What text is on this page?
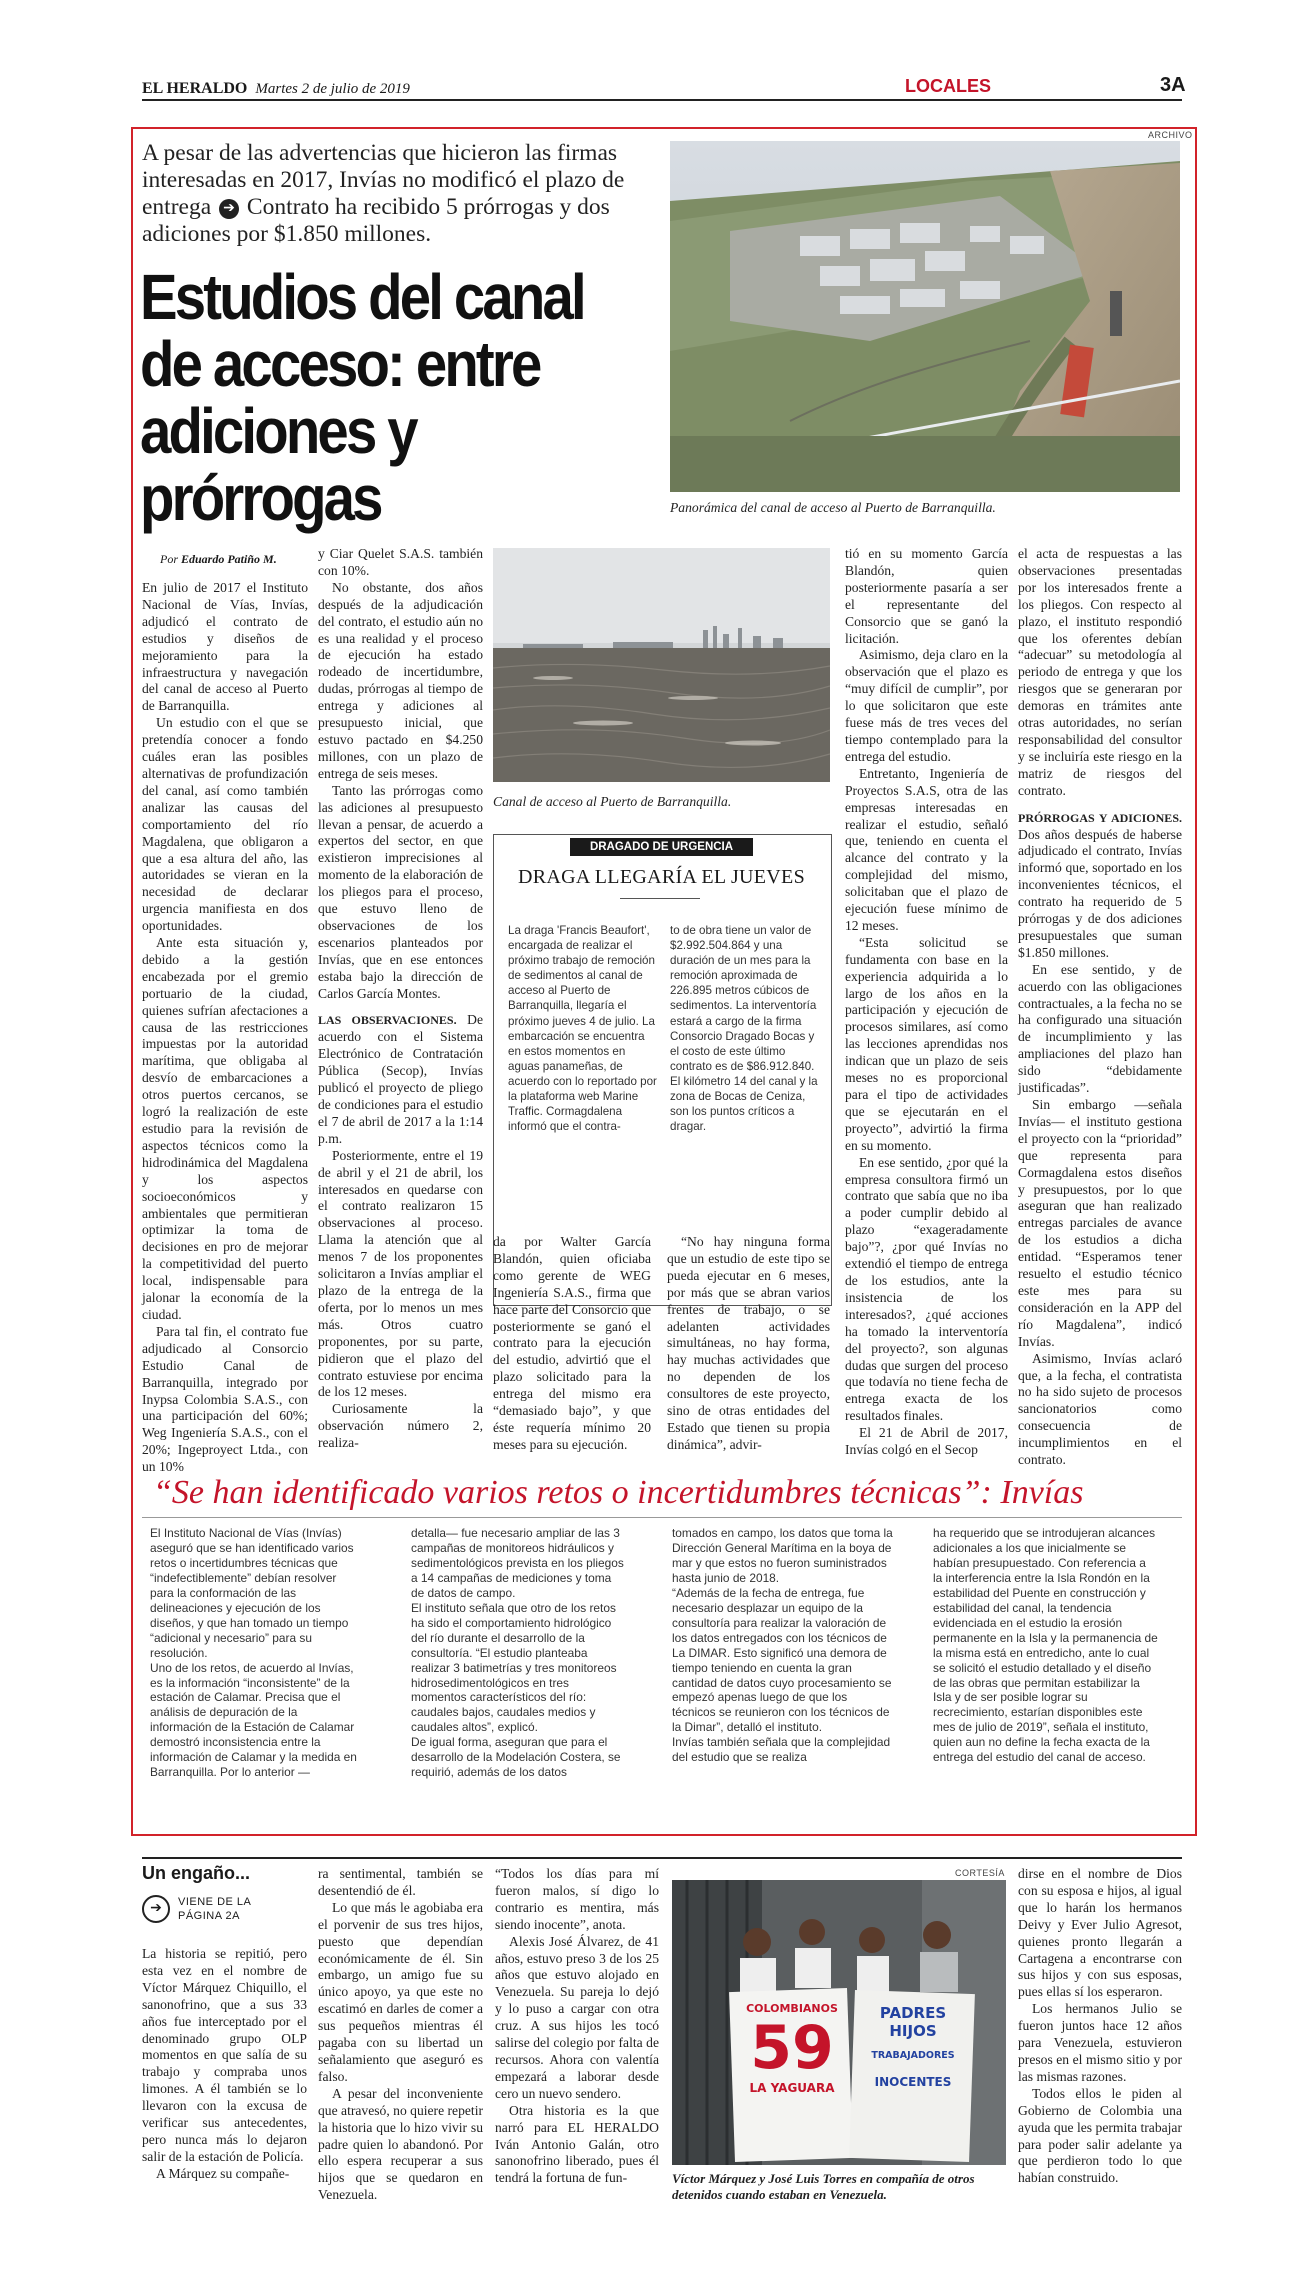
EL HERALDO Martes 2 de julio de 2019	LOCALES	3A
A pesar de las advertencias que hicieron las firmas interesadas en 2017, Invías no modificó el plazo de entrega ➔ Contrato ha recibido 5 prórrogas y dos adiciones por $1.850 millones.
Estudios del canal
de acceso: entre
adiciones y prórrogas
ARCHIVO
Panorámica del canal de acceso al Puerto de Barranquilla.
Por Eduardo Patiño M.

En julio de 2017 el Instituto Nacional de Vías, Invías, adjudicó el contrato de estudios y diseños de mejoramiento para la infraestructura y navegación del canal de acceso al Puerto de Barranquilla.

Un estudio con el que se pretendía conocer a fondo cuáles eran las posibles alternativas de profundización del canal, así como también analizar las causas del comportamiento del río Magdalena, que obligaron a que a esa altura del año, las autoridades se vieran en la necesidad de declarar urgencia manifiesta en dos oportunidades.

Ante esta situación y, debido a la gestión encabezada por el gremio portuario de la ciudad, quienes sufrían afectaciones a causa de las restricciones impuestas por la autoridad marítima, que obligaba al desvío de embarcaciones a otros puertos cercanos, se logró la realización de este estudio para la revisión de aspectos técnicos como la hidrodinámica del Magdalena y los aspectos socioeconómicos y ambientales que permitieran optimizar la toma de decisiones en pro de mejorar la competitividad del puerto local, indispensable para jalonar la economía de la ciudad.

Para tal fin, el contrato fue adjudicado al Consorcio Estudio Canal de Barranquilla, integrado por Inypsa Colombia S.A.S., con una participación del 60%; Weg Ingeniería S.A.S., con el 20%; Ingeproyect Ltda., con un 10%

y Ciar Quelet S.A.S. también con 10%.

No obstante, dos años después de la adjudicación del contrato, el estudio aún no es una realidad y el proceso de ejecución ha estado rodeado de incertidumbre, dudas, prórrogas al tiempo de entrega y adiciones al presupuesto inicial, que estuvo pactado en $4.250 millones, con un plazo de entrega de seis meses.

Tanto las prórrogas como las adiciones al presupuesto llevan a pensar, de acuerdo a expertos del sector, en que existieron imprecisiones al momento de la elaboración de los pliegos para el proceso, que estuvo lleno de observaciones de los escenarios planteados por Invías, que en ese entonces estaba bajo la dirección de Carlos García Montes.

LAS OBSERVACIONES. De acuerdo con el Sistema Electrónico de Contratación Pública (Secop), Invías publicó el proyecto de pliego de condiciones para el estudio el 7 de abril de 2017 a la 1:14 p.m.

Posteriormente, entre el 19 de abril y el 21 de abril, los interesados en quedarse con el contrato realizaron 15 observaciones al proceso. Llama la atención que al menos 7 de los proponentes solicitaron a Invías ampliar el plazo de la entrega de la oferta, por lo menos un mes más. Otros cuatro proponentes, por su parte, pidieron que el plazo del contrato estuviese por encima de los 12 meses.

Curiosamente la observación número 2, realiza-

Canal de acceso al Puerto de Barranquilla.
DRAGADO DE URGENCIA
DRAGA LLEGARÍA EL JUEVES
La draga 'Francis Beaufort', encargada de realizar el próximo trabajo de remoción de sedimentos al canal de acceso al Puerto de Barranquilla, llegaría el próximo jueves 4 de julio. La embarcación se encuentra en estos momentos en aguas panameñas, de acuerdo con lo reportado por la plataforma web Marine Traffic. Cormagdalena informó que el contra-
to de obra tiene un valor de $2.992.504.864 y una duración de un mes para la remoción aproximada de 226.895 metros cúbicos de sedimentos. La interventoría estará a cargo de la firma Consorcio Dragado Bocas y el costo de este último contrato es de $86.912.840. El kilómetro 14 del canal y la zona de Bocas de Ceniza, son los puntos críticos a dragar.

da por Walter García Blandón, quien oficiaba como gerente de WEG Ingeniería S.A.S., firma que hace parte del Consorcio que posteriormente se ganó el contrato para la ejecución del estudio, advirtió que el plazo solicitado para la entrega del mismo era “demasiado bajo”, y que éste requería mínimo 20 meses para su ejecución.

“No hay ninguna forma que un estudio de este tipo se pueda ejecutar en 6 meses, por más que se abran varios frentes de trabajo, o se adelanten actividades simultáneas, no hay forma, hay muchas actividades que no dependen de los consultores de este proyecto, sino de otras entidades del Estado que tienen su propia dinámica”, advir-

tió en su momento García Blandón, quien posteriormente pasaría a ser el representante del Consorcio que se ganó la licitación.

Asimismo, deja claro en la observación que el plazo es “muy difícil de cumplir”, por lo que solicitaron que este fuese más de tres veces del tiempo contemplado para la entrega del estudio.

Entretanto, Ingeniería de Proyectos S.A.S, otra de las empresas interesadas en realizar el estudio, señaló que, teniendo en cuenta el alcance del contrato y la complejidad del mismo, solicitaban que el plazo de ejecución fuese mínimo de 12 meses.

“Esta solicitud se fundamenta con base en la experiencia adquirida a lo largo de los años en la participación y ejecución de procesos similares, así como las lecciones aprendidas nos indican que un plazo de seis meses no es proporcional para el tipo de actividades que se ejecutarán en el proyecto”, advirtió la firma en su momento.

En ese sentido, ¿por qué la empresa consultora firmó un contrato que sabía que no iba a poder cumplir debido al plazo “exageradamente bajo”?, ¿por qué Invías no extendió el tiempo de entrega de los estudios, ante la insistencia de los interesados?, ¿qué acciones ha tomado la interventoría del proyecto?, son algunas dudas que surgen del proceso que todavía no tiene fecha de entrega exacta de los resultados finales.

El 21 de Abril de 2017, Invías colgó en el Secop

el acta de respuestas a las observaciones presentadas por los interesados frente a los pliegos. Con respecto al plazo, el instituto respondió que los oferentes debían “adecuar” su metodología al periodo de entrega y que los riesgos que se generaran por demoras en trámites ante otras autoridades, no serían responsabilidad del consultor y se incluiría este riesgo en la matriz de riesgos del contrato.

PRÓRROGAS Y ADICIONES. Dos años después de haberse adjudicado el contrato, Invías informó que, soportado en los inconvenientes técnicos, el contrato ha requerido de 5 prórrogas y de dos adiciones presupuestales que suman $1.850 millones.

En ese sentido, y de acuerdo con las obligaciones contractuales, a la fecha no se ha configurado una situación de incumplimiento y las ampliaciones del plazo han sido “debidamente justificadas”.

Sin embargo —señala Invías— el instituto gestiona el proyecto con la “prioridad” que representa para Cormagdalena estos diseños y presupuestos, por lo que aseguran que han realizado entregas parciales de avance de los estudios a dicha entidad. “Esperamos tener resuelto el estudio técnico este mes para su consideración en la APP del río Magdalena”, indicó Invías.

Asimismo, Invías aclaró que, a la fecha, el contratista no ha sido sujeto de procesos sancionatorios como consecuencia de incumplimientos en el contrato.

“Se han identificado varios retos o incertidumbres técnicas”: Invías
El Instituto Nacional de Vías (Invías) aseguró que se han identificado varios retos o incertidumbres técnicas que “indefectiblemente” debían resolver para la conformación de las delineaciones y ejecución de los diseños, y que han tomado un tiempo “adicional y necesario” para su resolución.
Uno de los retos, de acuerdo al Invías, es la información “inconsistente” de la estación de Calamar. Precisa que el análisis de depuración de la información de la Estación de Calamar demostró inconsistencia entre la información de Calamar y la medida en Barranquilla. Por lo anterior —
detalla— fue necesario ampliar de las 3 campañas de monitoreos hidráulicos y sedimentológicos prevista en los pliegos a 14 campañas de mediciones y toma de datos de campo.
El instituto señala que otro de los retos ha sido el comportamiento hidrológico del río durante el desarrollo de la consultoría. “El estudio planteaba realizar 3 batimetrías y tres monitoreos hidrosedimentológicos en tres momentos característicos del río: caudales bajos, caudales medios y caudales altos”, explicó.
De igual forma, aseguran que para el desarrollo de la Modelación Costera, se requirió, además de los datos
tomados en campo, los datos que toma la Dirección General Marítima en la boya de mar y que estos no fueron suministrados hasta junio de 2018.
“Además de la fecha de entrega, fue necesario desplazar un equipo de la consultoría para realizar la valoración de los datos entregados con los técnicos de La DIMAR. Esto significó una demora de tiempo teniendo en cuenta la gran cantidad de datos cuyo procesamiento se empezó apenas luego de que los técnicos se reunieron con los técnicos de la Dimar”, detalló el instituto.
Invías también señala que la complejidad del estudio que se realiza
ha requerido que se introdujeran alcances adicionales a los que inicialmente se habían presupuestado. Con referencia a la interferencia entre la Isla Rondón en la estabilidad del Puente en construcción y estabilidad del canal, la tendencia evidenciada en el estudio la erosión permanente en la Isla y la permanencia de la misma está en entredicho, ante lo cual se solicitó el estudio detallado y el diseño de las obras que permitan estabilizar la Isla y de ser posible lograr su recrecimiento, estarían disponibles este mes de julio de 2019”, señala el instituto, quien aun no define la fecha exacta de la entrega del estudio del canal de acceso.
Un engaño...
➔ VIENE DE LA PÁGINA 2A

La historia se repitió, pero esta vez en el nombre de Víctor Márquez Chiquillo, el sanonofrino, que a sus 33 años fue interceptado por el denominado grupo OLP momentos en que salía de su trabajo y compraba unos limones. A él también se lo llevaron con la excusa de verificar sus antecedentes, pero nunca más lo dejaron salir de la estación de Policía.

A Márquez su compañe-

ra sentimental, también se desentendió de él.

Lo que más le agobiaba era el porvenir de sus tres hijos, puesto que dependían económicamente de él. Sin embargo, un amigo fue su único apoyo, ya que este no escatimó en darles de comer a sus pequeños mientras él pagaba con su libertad un señalamiento que aseguró es falso.

A pesar del inconveniente que atravesó, no quiere repetir la historia que lo hizo vivir su padre quien lo abandonó. Por ello espera recuperar a sus hijos que se quedaron en Venezuela.

“Todos los días para mí fueron malos, sí digo lo contrario es mentira, más siendo inocente”, anota.

Alexis José Álvarez, de 41 años, estuvo preso 3 de los 25 años que estuvo alojado en Venezuela. Su pareja lo dejó y lo puso a cargar con otra cruz. A sus hijos les tocó salirse del colegio por falta de recursos. Ahora con valentía empezará a laborar desde cero un nuevo sendero.

Otra historia es la que narró para EL HERALDO Iván Antonio Galán, otro sanonofrino liberado, pues él tendrá la fortuna de fun-

CORTESÍA
COLOMBIANOS
59
LA YAGUARA
PADRES
HIJOS
TRABAJADORES
INOCENTES
Víctor Márquez y José Luis Torres en compañía de otros detenidos cuando estaban en Venezuela.

dirse en el nombre de Dios con su esposa e hijos, al igual que lo harán los hermanos Deivy y Ever Julio Agresot, quienes pronto llegarán a Cartagena a encontrarse con sus hijos y con sus esposas, pues ellas sí los esperaron.

Los hermanos Julio se fueron juntos hace 12 años para Venezuela, estuvieron presos en el mismo sitio y por las mismas razones.

Todos ellos le piden al Gobierno de Colombia una ayuda que les permita trabajar para poder salir adelante ya que perdieron todo lo que habían construido.
